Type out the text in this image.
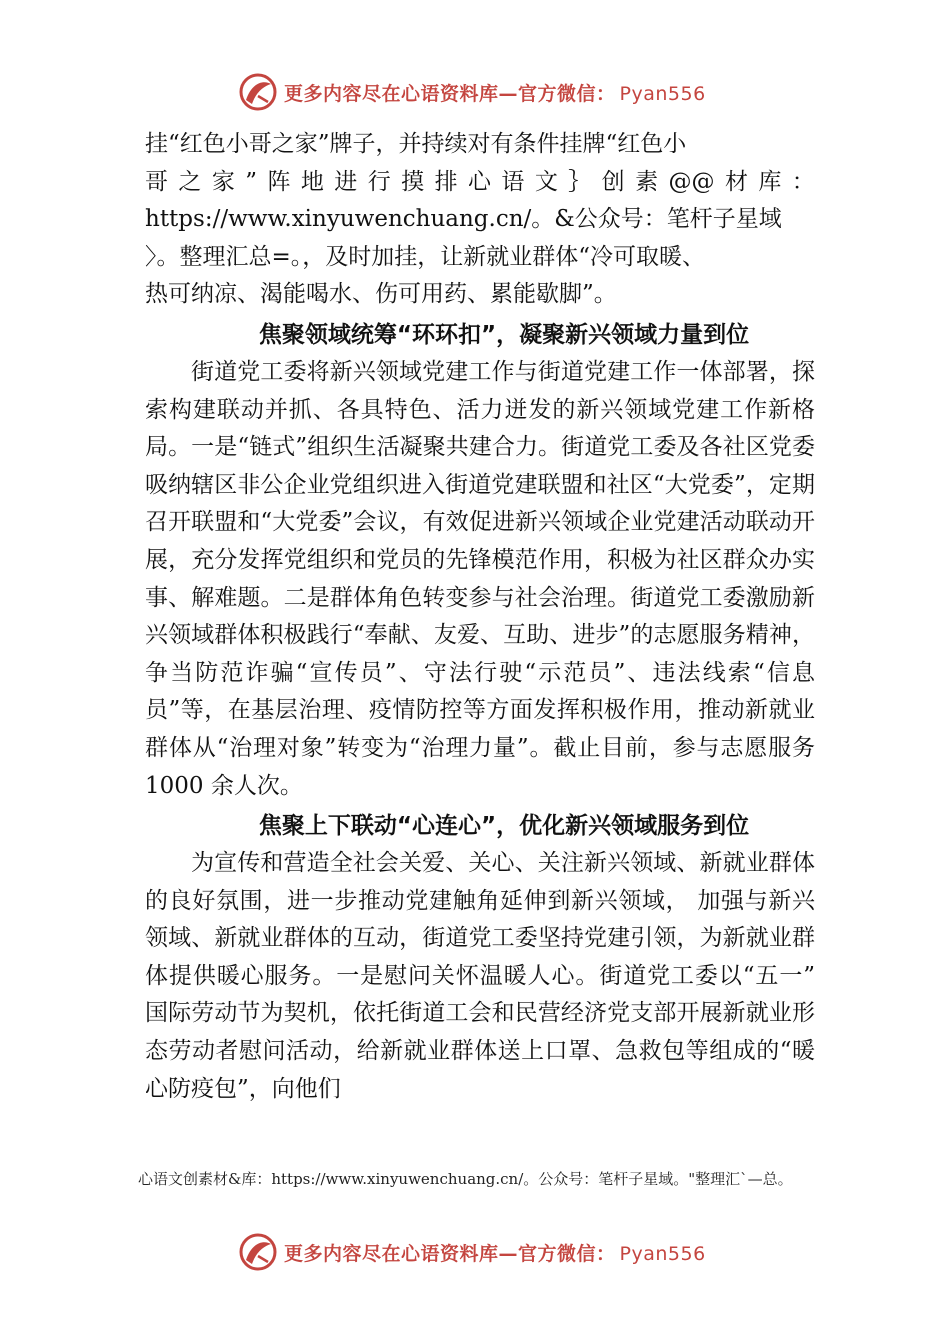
更多内容尽在心语资料库—官方微信： Pyan556

挂“红色小哥之家”牌子，并持续对有条件挂牌“红色小

哥 之 家 ” 阵 地 进 行 摸 排 心 语 文 ｝ 创 素 @@ 材 库 ：

https://www.xinyuwenchuang.cn/。&公众号：笔杆子星域

〉。整理汇总=。，及时加挂，让新就业群体“冷可取暖、

热可纳凉、渴能喝水、伤可用药、累能歇脚”。

焦聚领域统筹“环环扣”，凝聚新兴领域力量到位

街道党工委将新兴领域党建工作与街道党建工作一体部署，探索构建联动并抓、各具特色、活力迸发的新兴领域党建工作新格局。一是“链式”组织生活凝聚共建合力。街道党工委及各社区党委吸纳辖区非公企业党组织进入街道党建联盟和社区“大党委”，定期召开联盟和“大党委”会议，有效促进新兴领域企业党建活动联动开展，充分发挥党组织和党员的先锋模范作用，积极为社区群众办实事、解难题。二是群体角色转变参与社会治理。街道党工委激励新兴领域群体积极践行“奉献、友爱、互助、进步”的志愿服务精神，争当防范诈骗“宣传员”、守法行驶“示范员”、违法线索“信息员”等，在基层治理、疫情防控等方面发挥积极作用，推动新就业群体从“治理对象”转变为“治理力量”。截止目前，参与志愿服务 1000 余人次。

焦聚上下联动“心连心”，优化新兴领域服务到位

为宣传和营造全社会关爱、关心、关注新兴领域、新就业群体的良好氛围，进一步推动党建触角延伸到新兴领域， 加强与新兴领域、新就业群体的互动，街道党工委坚持党建引领，为新就业群体提供暖心服务。一是慰问关怀温暖人心。街道党工委以“五一” 国际劳动节为契机，依托街道工会和民营经济党支部开展新就业形态劳动者慰问活动，给新就业群体送上口罩、急救包等组成的“暖心防疫包”，向他们

心语文创素材&库：https://www.xinyuwenchuang.cn/。公众号：笔杆子星域。"整理汇`—总。
更多内容尽在心语资料库—官方微信： Pyan556
